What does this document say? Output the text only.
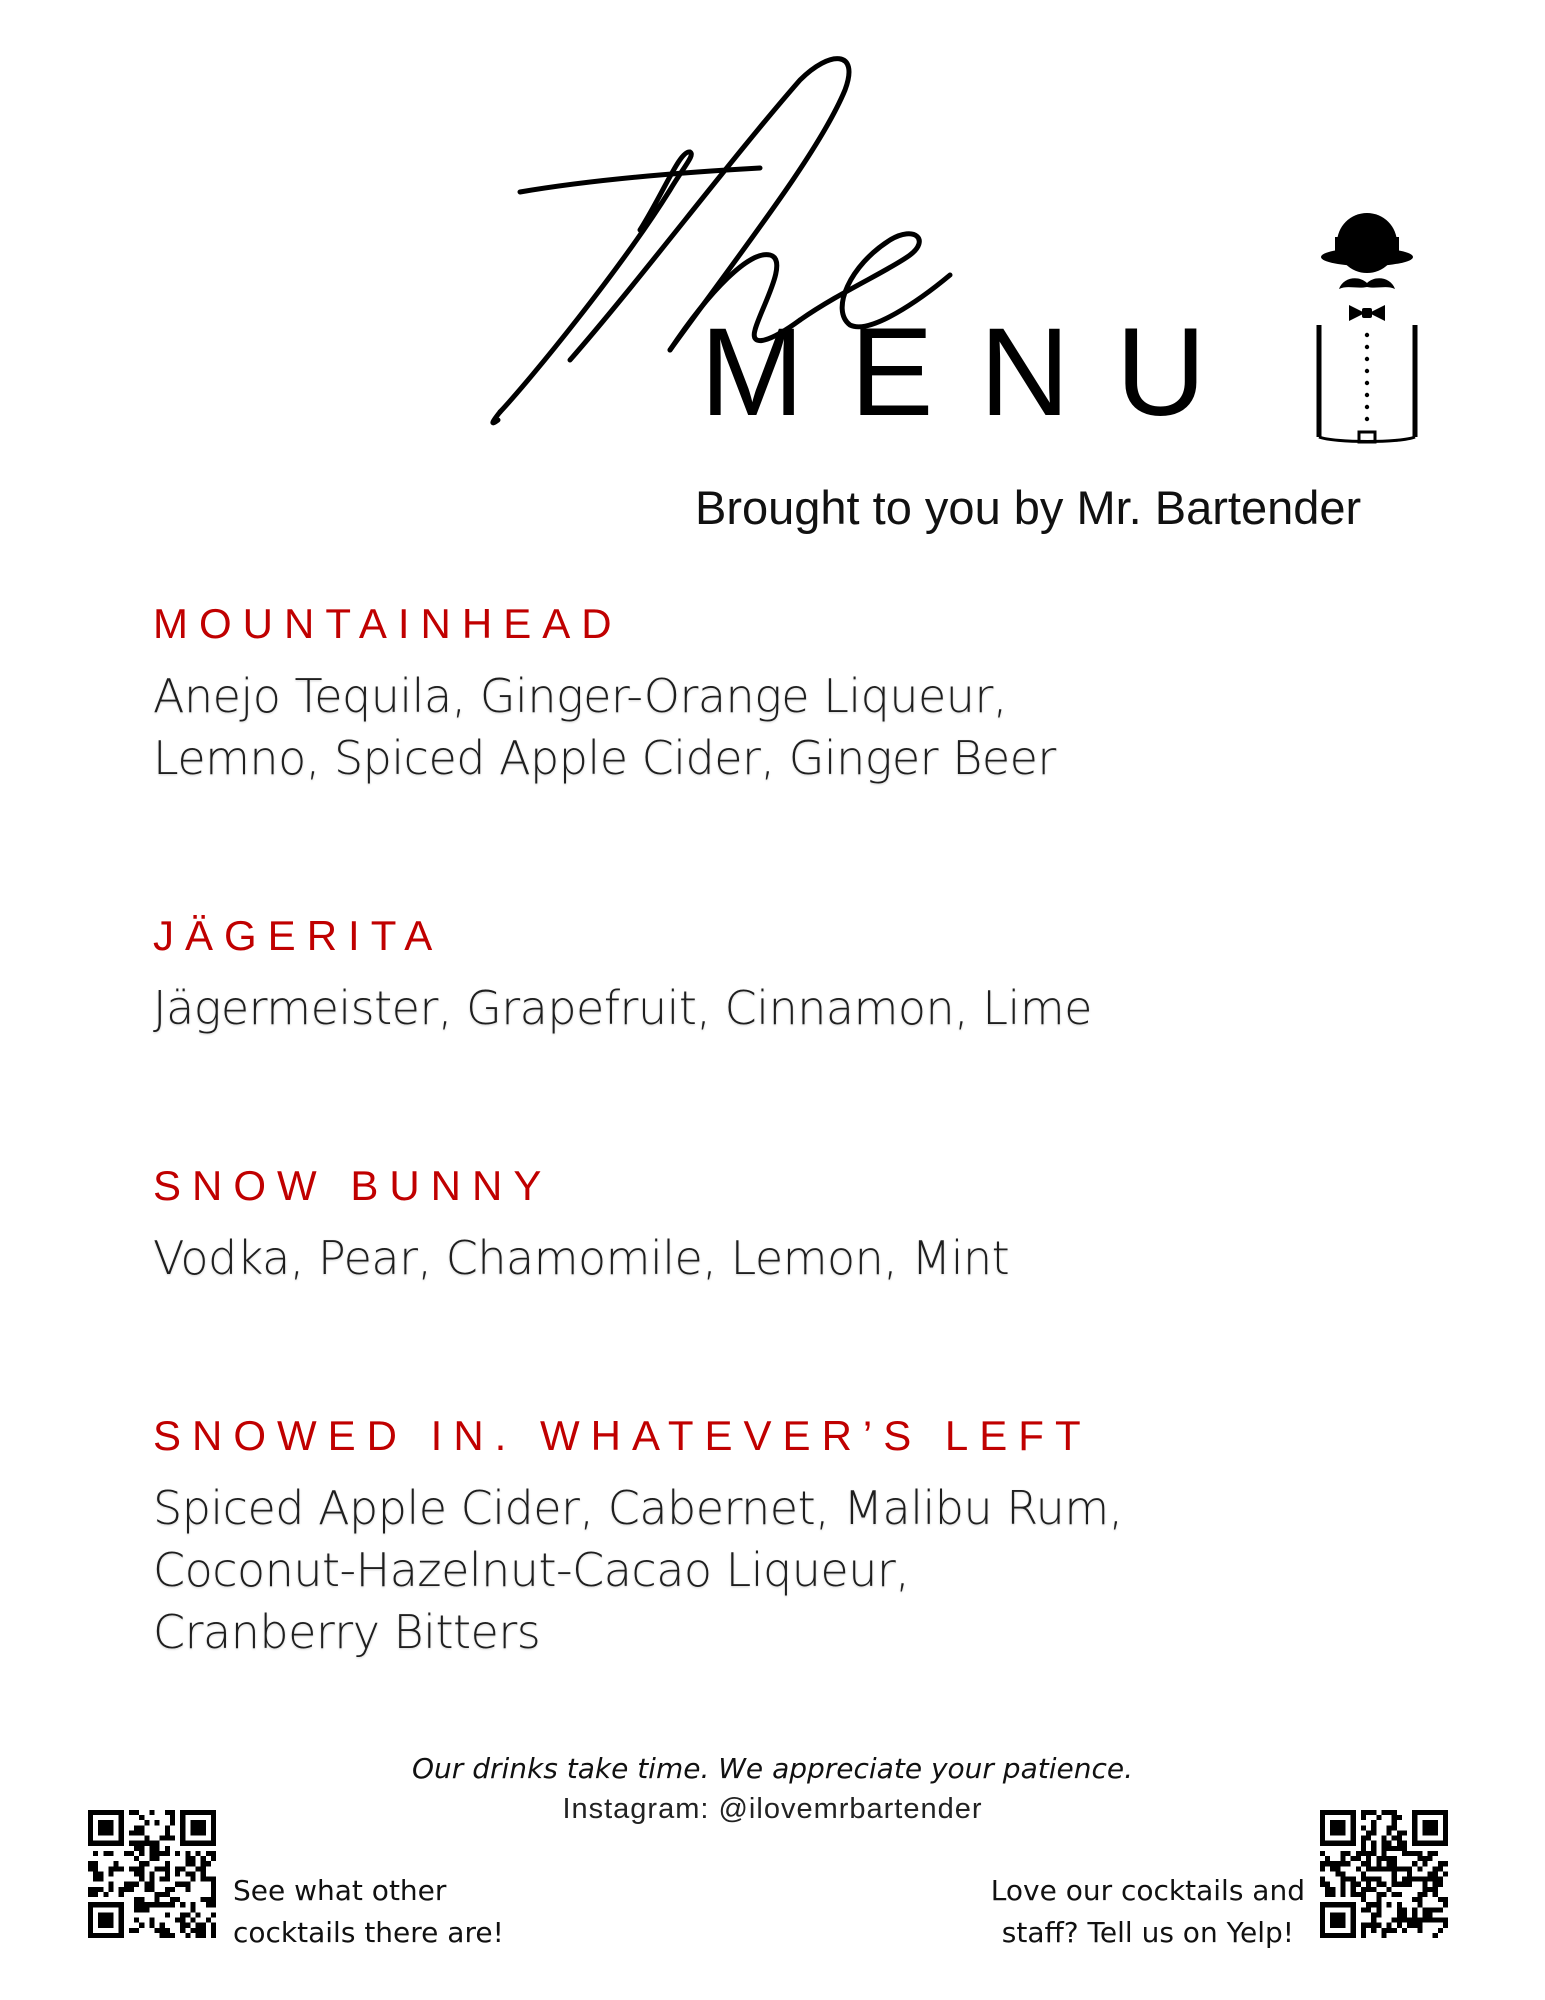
MENU
Brought to you by Mr. Bartender
MOUNTAINHEAD
Anejo Tequila, Ginger-Orange Liqueur,
Lemno, Spiced Apple Cider, Ginger Beer
JÄGERITA
Jägermeister, Grapefruit, Cinnamon, Lime
SNOW BUNNY
Vodka, Pear, Chamomile, Lemon, Mint
SNOWED IN. WHATEVER’S LEFT
Spiced Apple Cider, Cabernet, Malibu Rum,
Coconut-Hazelnut-Cacao Liqueur,
Cranberry Bitters
Our drinks take time. We appreciate your patience.
Instagram: @ilovemrbartender
See what other
cocktails there are!
Love our cocktails and
staff? Tell us on Yelp!
